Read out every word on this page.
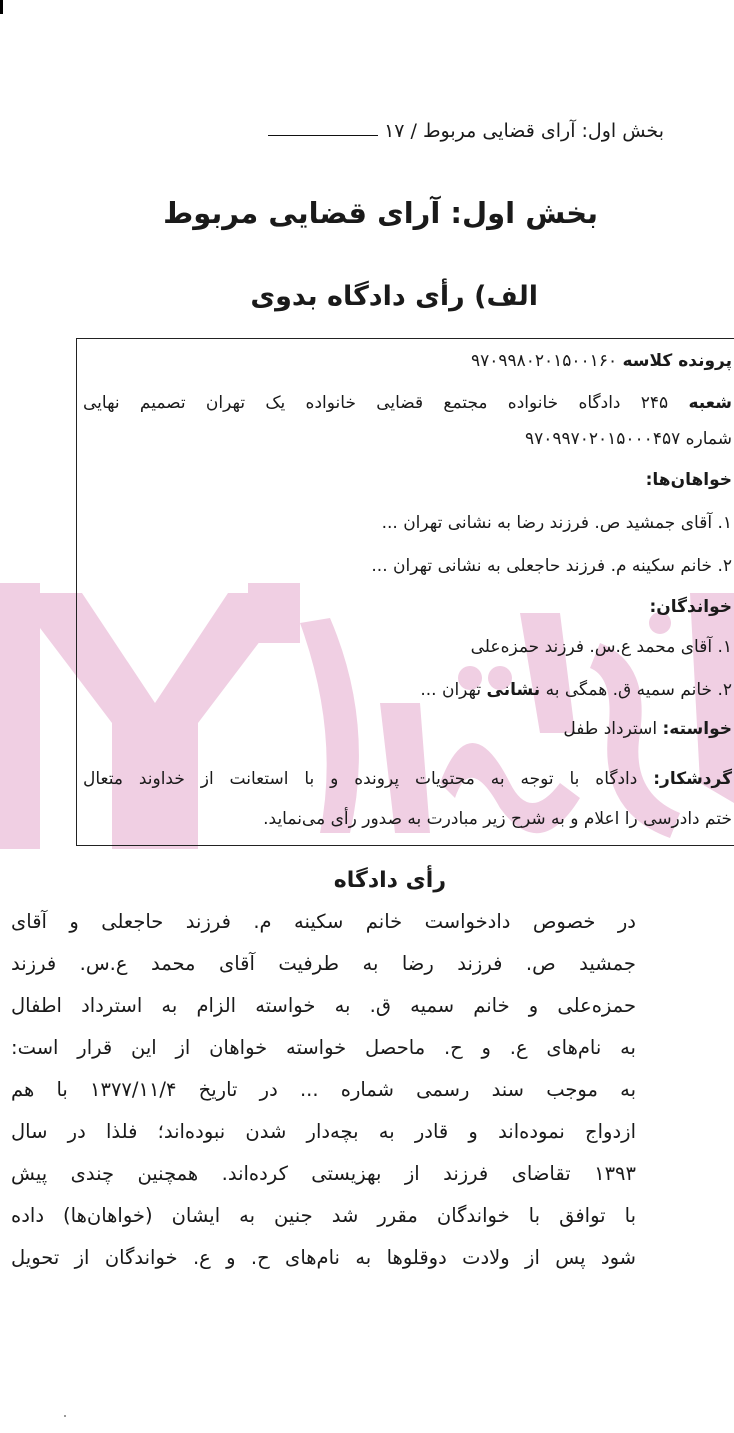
بخش اول: آرای قضایی مربوط / ۱۷
بخش اول: آرای قضایی مربوط
الف) رأی دادگاه بدوی
پرونده کلاسه ۹۷۰۹۹۸۰۲۰۱۵۰۰۱۶۰
شعبه ۲۴۵ دادگاه خانواده مجتمع قضایی خانواده یک تهران تصمیم نهایی
شماره ۹۷۰۹۹۷۰۲۰۱۵۰۰۰۴۵۷
خواهان‌ها:
۱. آقای جمشید ص. فرزند رضا به نشانی تهران ...
۲. خانم سکینه م. فرزند حاجعلی به نشانی تهران ...
خواندگان:
۱. آقای محمد ع.س. فرزند حمزه‌علی
۲. خانم سمیه ق. همگی به نشانی تهران ...
خواسته: استرداد طفل
گردشکار: دادگاه با توجه به محتویات پرونده و با استعانت از خداوند متعال
ختم دادرسی را اعلام و به شرح زیر مبادرت به صدور رأی می‌نماید.
رأی دادگاه
در خصوص دادخواست خانم سکینه م. فرزند حاجعلی و آقای
جمشید ص. فرزند رضا به طرفیت آقای محمد ع.س. فرزند
حمزه‌علی و خانم سمیه ق. به خواسته الزام به استرداد اطفال
به نام‌های ع. و ح. ماحصل خواسته خواهان از این قرار است:
به موجب سند رسمی شماره ... در تاریخ ۱۳۷۷/۱۱/۴ با هم
ازدواج نموده‌اند و قادر به بچه‌دار شدن نبوده‌اند؛ فلذا در سال
۱۳۹۳ تقاضای فرزند از بهزیستی کرده‌اند. همچنین چندی پیش
با توافق با خواندگان مقرر شد جنین به ایشان (خواهان‌ها) داده
شود پس از ولادت دوقلوها به نام‌های ح. و ع. خواندگان از تحویل
